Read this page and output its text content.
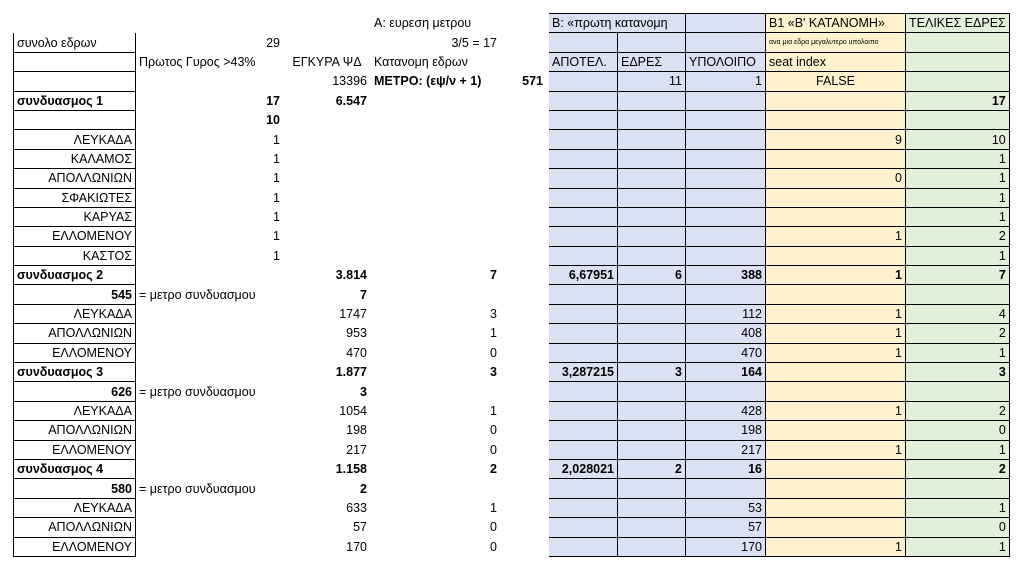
			A: ευρεση μετρου		Β: «πρωτη κατανομη			B1 «Β' ΚΑΤΑΝΟΜΗ»	ΤΕΛΙΚΕΣ ΕΔΡΕΣ
συνολο εδρων	29		3/5 = 17					ανα μια εδρα μεγαλυτερο υπολοιπο	
	Πρωτος Γυρος >43%	ΕΓΚΥΡΑ ΨΔ	Κατανομη εδρων		ΑΠΟΤΕΛ.	ΕΔΡΕΣ	ΥΠΟΛΟΙΠΟ	seat index	
		13396	ΜΕΤΡΟ: (εψ/ν + 1)	571		11	1	FALSE	
συνδυασμος 1	17	6.547							17
	10								
ΛΕΥΚΑΔΑ	1							9	10
ΚΑΛΑΜΟΣ	1								1
ΑΠΟΛΛΩΝΙΩΝ	1							0	1
ΣΦΑΚΙΩΤΕΣ	1								1
ΚΑΡΥΑΣ	1								1
ΕΛΛΟΜΕΝΟΥ	1							1	2
ΚΑΣΤΟΣ	1								1
συνδυασμος 2		3.814	7		6,67951	6	388	1	7
545	= μετρο συνδυασμου	7							
ΛΕΥΚΑΔΑ		1747	3				112	1	4
ΑΠΟΛΛΩΝΙΩΝ		953	1				408	1	2
ΕΛΛΟΜΕΝΟΥ		470	0				470	1	1
συνδυασμος 3		1.877	3		3,287215	3	164		3
626	= μετρο συνδυασμου	3							
ΛΕΥΚΑΔΑ		1054	1				428	1	2
ΑΠΟΛΛΩΝΙΩΝ		198	0				198		0
ΕΛΛΟΜΕΝΟΥ		217	0				217	1	1
συνδυασμος 4		1.158	2		2,028021	2	16		2
580	= μετρο συνδυασμου	2							
ΛΕΥΚΑΔΑ		633	1				53		1
ΑΠΟΛΛΩΝΙΩΝ		57	0				57		0
ΕΛΛΟΜΕΝΟΥ		170	0				170	1	1
